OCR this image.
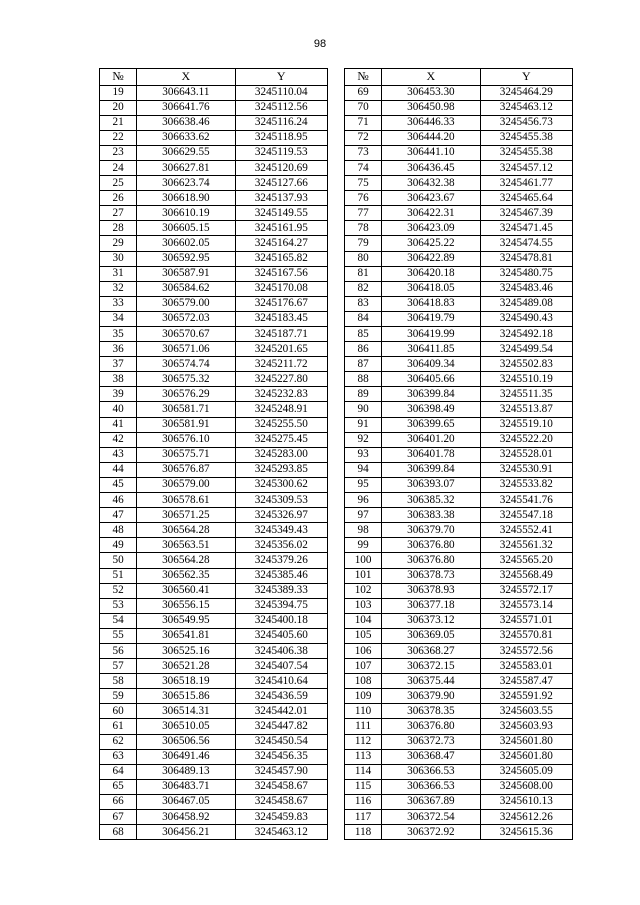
98
№	X	Y		№	X	Y
19	306643.11	3245110.04		69	306453.30	3245464.29
20	306641.76	3245112.56		70	306450.98	3245463.12
21	306638.46	3245116.24		71	306446.33	3245456.73
22	306633.62	3245118.95		72	306444.20	3245455.38
23	306629.55	3245119.53		73	306441.10	3245455.38
24	306627.81	3245120.69		74	306436.45	3245457.12
25	306623.74	3245127.66		75	306432.38	3245461.77
26	306618.90	3245137.93		76	306423.67	3245465.64
27	306610.19	3245149.55		77	306422.31	3245467.39
28	306605.15	3245161.95		78	306423.09	3245471.45
29	306602.05	3245164.27		79	306425.22	3245474.55
30	306592.95	3245165.82		80	306422.89	3245478.81
31	306587.91	3245167.56		81	306420.18	3245480.75
32	306584.62	3245170.08		82	306418.05	3245483.46
33	306579.00	3245176.67		83	306418.83	3245489.08
34	306572.03	3245183.45		84	306419.79	3245490.43
35	306570.67	3245187.71		85	306419.99	3245492.18
36	306571.06	3245201.65		86	306411.85	3245499.54
37	306574.74	3245211.72		87	306409.34	3245502.83
38	306575.32	3245227.80		88	306405.66	3245510.19
39	306576.29	3245232.83		89	306399.84	3245511.35
40	306581.71	3245248.91		90	306398.49	3245513.87
41	306581.91	3245255.50		91	306399.65	3245519.10
42	306576.10	3245275.45		92	306401.20	3245522.20
43	306575.71	3245283.00		93	306401.78	3245528.01
44	306576.87	3245293.85		94	306399.84	3245530.91
45	306579.00	3245300.62		95	306393.07	3245533.82
46	306578.61	3245309.53		96	306385.32	3245541.76
47	306571.25	3245326.97		97	306383.38	3245547.18
48	306564.28	3245349.43		98	306379.70	3245552.41
49	306563.51	3245356.02		99	306376.80	3245561.32
50	306564.28	3245379.26		100	306376.80	3245565.20
51	306562.35	3245385.46		101	306378.73	3245568.49
52	306560.41	3245389.33		102	306378.93	3245572.17
53	306556.15	3245394.75		103	306377.18	3245573.14
54	306549.95	3245400.18		104	306373.12	3245571.01
55	306541.81	3245405.60		105	306369.05	3245570.81
56	306525.16	3245406.38		106	306368.27	3245572.56
57	306521.28	3245407.54		107	306372.15	3245583.01
58	306518.19	3245410.64		108	306375.44	3245587.47
59	306515.86	3245436.59		109	306379.90	3245591.92
60	306514.31	3245442.01		110	306378.35	3245603.55
61	306510.05	3245447.82		111	306376.80	3245603.93
62	306506.56	3245450.54		112	306372.73	3245601.80
63	306491.46	3245456.35		113	306368.47	3245601.80
64	306489.13	3245457.90		114	306366.53	3245605.09
65	306483.71	3245458.67		115	306366.53	3245608.00
66	306467.05	3245458.67		116	306367.89	3245610.13
67	306458.92	3245459.83		117	306372.54	3245612.26
68	306456.21	3245463.12		118	306372.92	3245615.36
